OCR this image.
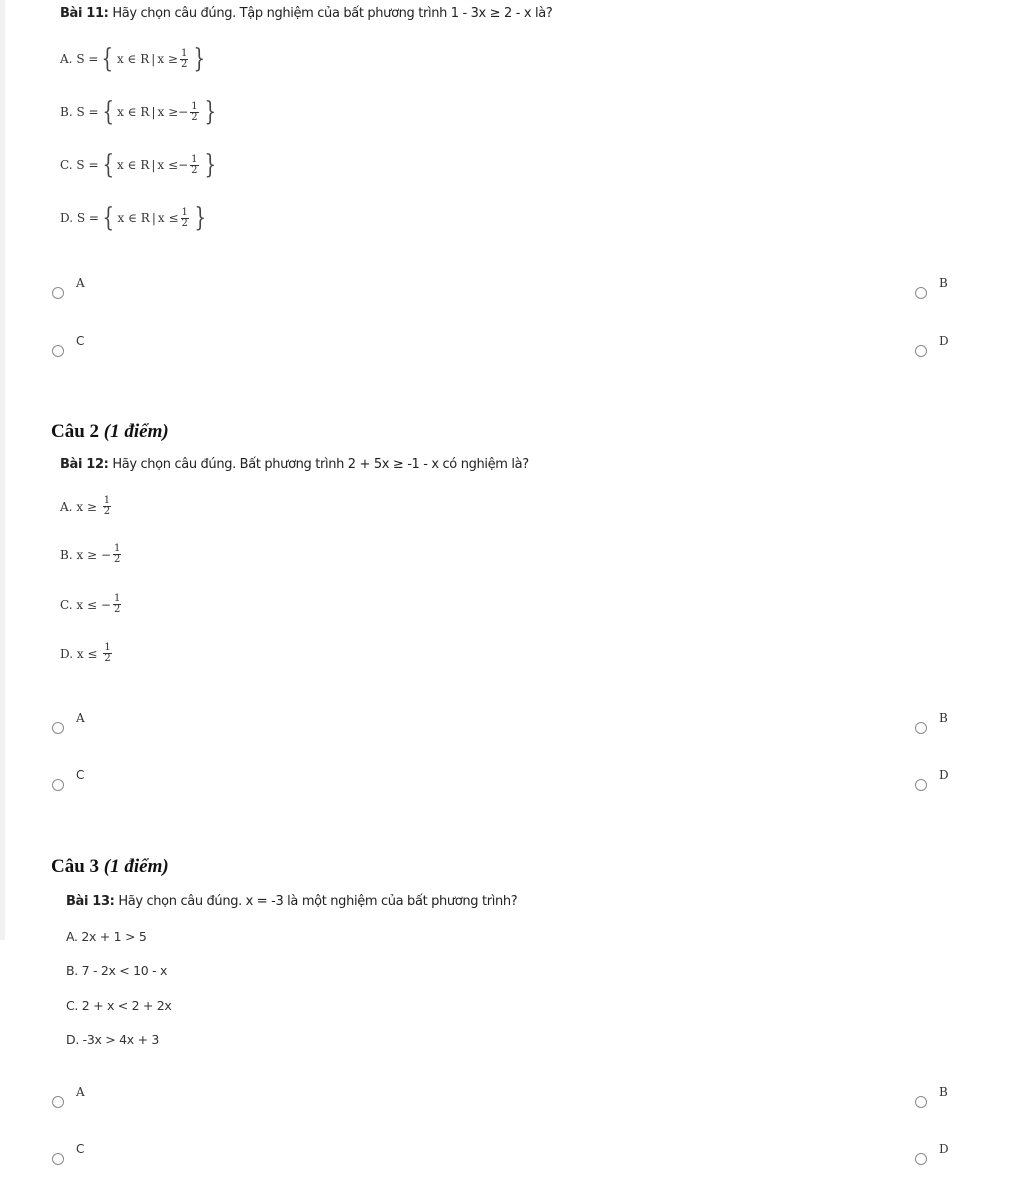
Bài 11: Hãy chọn câu đúng. Tập nghiệm của bất phương trình 1 - 3x ≥ 2 - x là?
A.
S = { x ∈ R | $x \ge \frac{1}{2}$ }
B.
S = { x ∈ R | x ≥ − $\frac{1}{2}$ }
C.
S = { x ∈ R | x ≤ − $\frac{1}{2}$ }
D.
S = { x ∈ R | $x \le \frac{1}{2}$ }
A	B
C	D
Câu 2 (1 điểm)
Bài 12: Hãy chọn câu đúng. Bất phương trình 2 + 5x ≥ -1 - x có nghiệm là?
A.
x ≥
$\frac{1}{2}$
B.
x ≥
− $\frac{1}{2}$
C.
x ≤
− $\frac{1}{2}$
D.
x ≤
$\frac{1}{2}$
A	B
C	D
Câu 3 (1 điểm)
Bài 13: Hãy chọn câu đúng. x = -3 là một nghiệm của bất phương trình?
A. 2x + 1 > 5
B. 7 - 2x < 10 - x
C. 2 + x < 2 + 2x
D. -3x > 4x + 3
A	B
C	D
